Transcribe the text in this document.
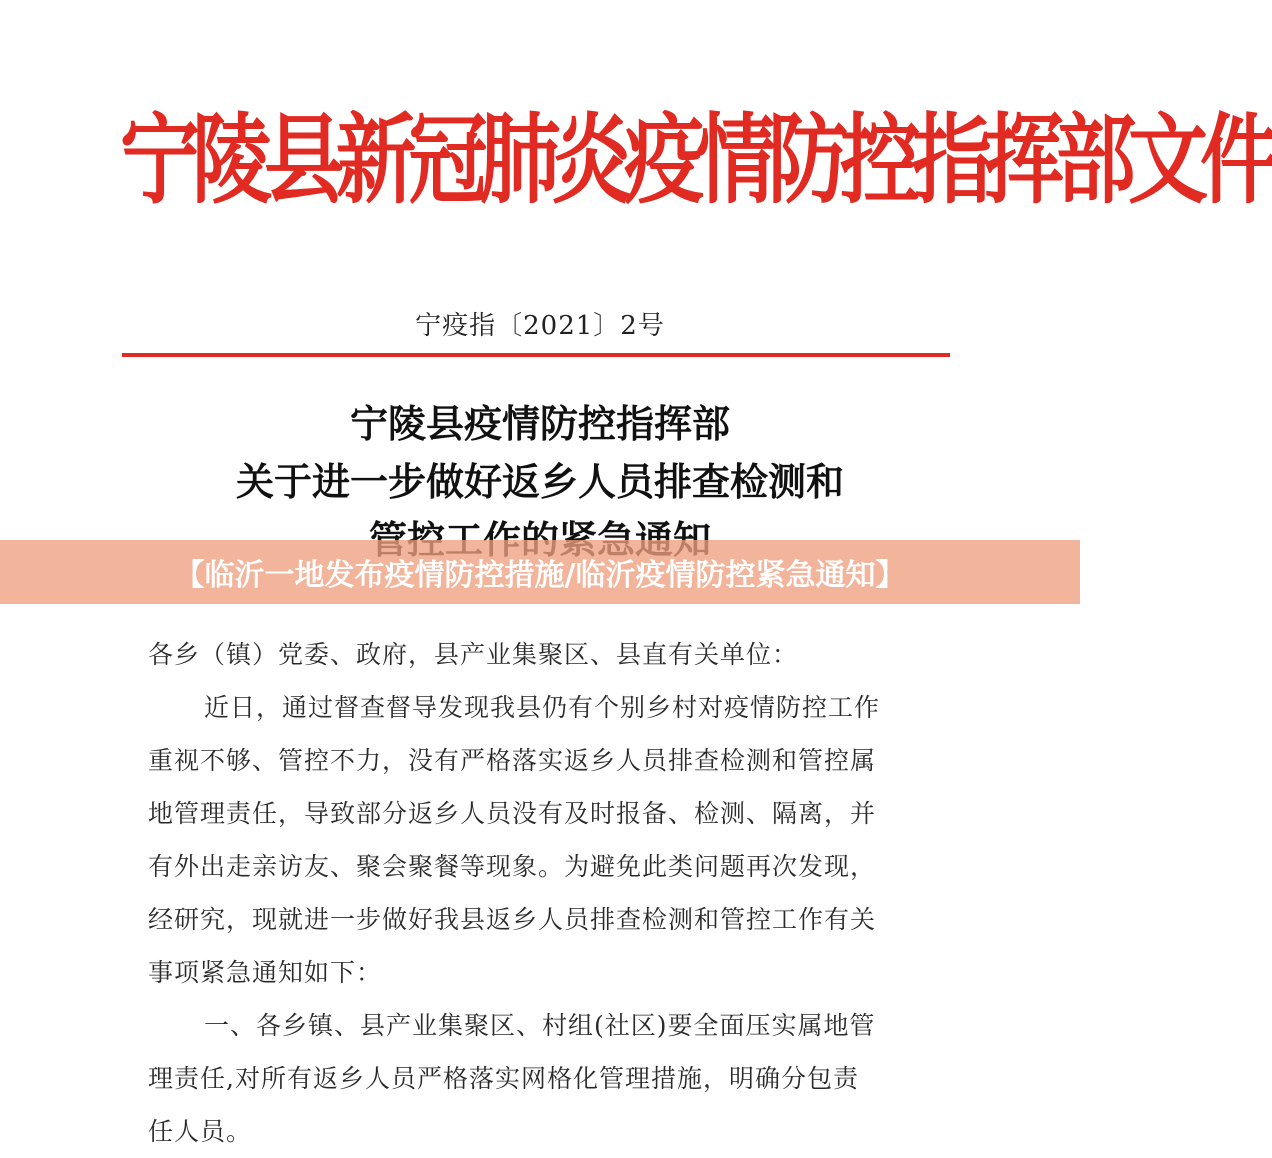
宁陵县新冠肺炎疫情防控指挥部文件
宁疫指〔2021〕2号
宁陵县疫情防控指挥部
关于进一步做好返乡人员排查检测和
各乡（镇）党委、政府，县产业集聚区、县直有关单位：
近日，通过督查督导发现我县仍有个别乡村对疫情防控工作
重视不够、管控不力，没有严格落实返乡人员排查检测和管控属
地管理责任，导致部分返乡人员没有及时报备、检测、隔离，并
有外出走亲访友、聚会聚餐等现象。为避免此类问题再次发现，
经研究，现就进一步做好我县返乡人员排查检测和管控工作有关
事项紧急通知如下：
一、各乡镇、县产业集聚区、村组(社区)要全面压实属地管
理责任,对所有返乡人员严格落实网格化管理措施，明确分包责
任人员。
【临沂一地发布疫情防控措施/临沂疫情防控紧急通知】
